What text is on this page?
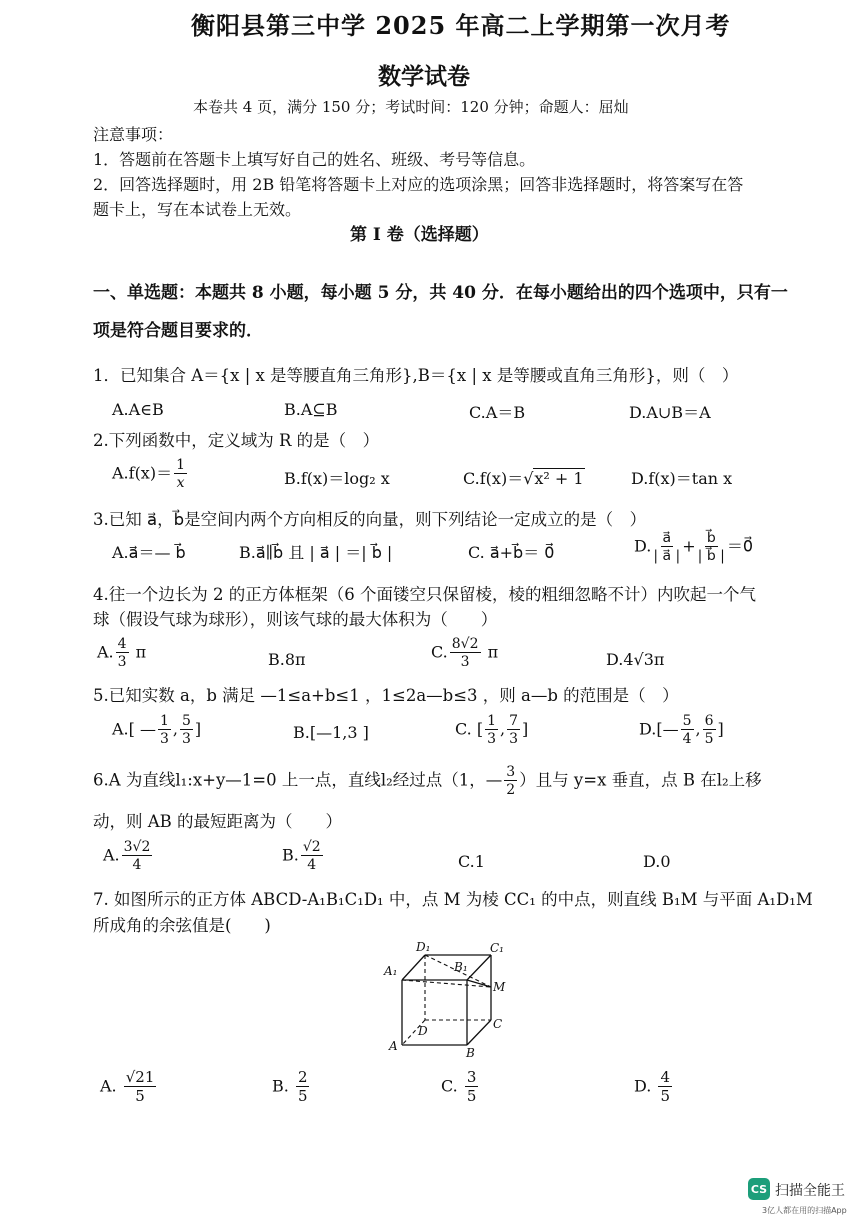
衡阳县第三中学 2025 年高二上学期第一次月考
数学试卷
本卷共 4 页，满分 150 分；考试时间：120 分钟；命题人：屈灿
注意事项：
1．答题前在答题卡上填写好自己的姓名、班级、考号等信息。
2．回答选择题时，用 2B 铅笔将答题卡上对应的选项涂黑；回答非选择题时，将答案写在答
题卡上，写在本试卷上无效。
第 I 卷（选择题）
一、单选题：本题共 8 小题，每小题 5 分，共 40 分．在每小题给出的四个选项中，只有一
项是符合题目要求的．
1．已知集合 A＝{x | x 是等腰直角三角形},B＝{x | x 是等腰或直角三角形}，则（　）
A.A∈B	B.A⊆B	C.A＝B	D.A∪B＝A
2.下列函数中，定义域为 R 的是（　）
$A.f(x)= \frac{1}{x}$	B.f(x)＝log₂ x	C.f(x)＝√x² + 1	D.f(x)＝tan x
3.已知 a⃗，b⃗是空间内两个方向相反的向量，则下列结论一定成立的是（　）
A.a⃗＝— b⃗	B.a⃗∥b⃗ 且 | a⃗ | ＝| b⃗ |	C. a⃗+b⃗＝ 0⃗	D. $\frac{a⃗}{| a⃗ |} + \frac{b⃗}{| b⃗ |}$ ＝0⃗
4.往一个边长为 2 的正方体框架（6 个面镂空只保留棱，棱的粗细忽略不计）内吹起一个气
球（假设气球为球形），则该气球的最大体积为（　　）
A. $\frac{4}{3}$ π	B.8π	C. $\frac{8√2}{3}$ π	D.4√3π
5.已知实数 a，b 满足 —1≤a+b≤1 ，1≤2a—b≤3 ，则 a—b 的范围是（　）
A.[ — $\frac{1}{3}$ , $\frac{5}{3}$ ]	B.[—1,3 ]	C. [ $\frac{1}{3}$ , $\frac{7}{3}$ ]	D.[— $\frac{5}{4}$ , $\frac{6}{5}$ ]
6.A 为直线l₁:x+y—1=0 上一点，直线l₂经过点（1，— $\frac{3}{2}$ ）且与 y=x 垂直，点 B 在l₂上移
动，则 AB 的最短距离为（　　）
A. $\frac{3√2}{4}$	B. $\frac{√2}{4}$	C.1	D.0
7. 如图所示的正方体 ABCD-A₁B₁C₁D₁ 中，点 M 为棱 CC₁ 的中点，则直线 B₁M 与平面 A₁D₁M
所成角的余弦值是(　　)
D₁	C₁
A₁	B₁
M
D	C
A	B
A. $\frac{√21}{5}$	B. $\frac{2}{5}$	C. $\frac{3}{5}$	D. $\frac{4}{5}$
CS 扫描全能王
3亿人都在用的扫描App
